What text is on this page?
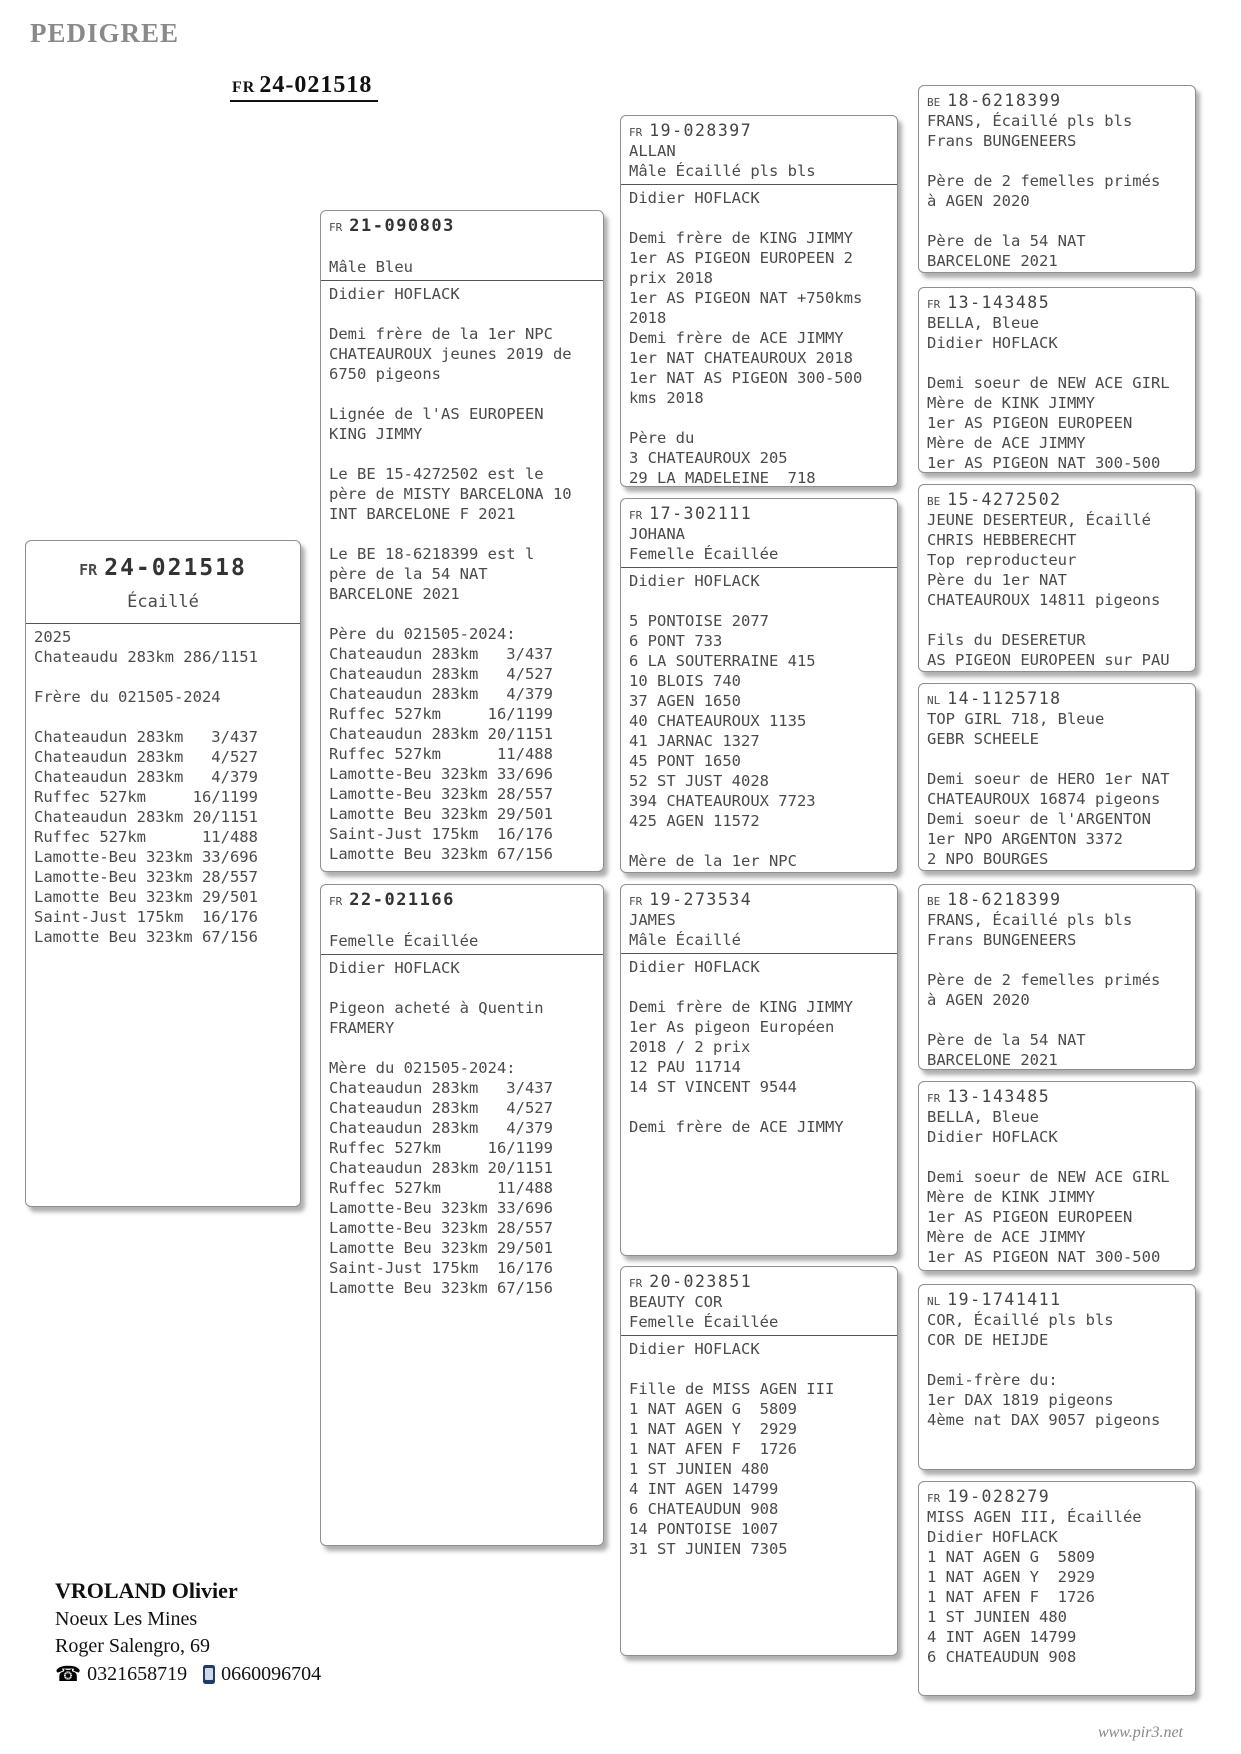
PEDIGREE
FR 24-021518
FR 24-021518
Écaillé
2025
Chateaudu 283km 286/1151
Frère du 021505-2024
Chateaudun 283km   3/437
Chateaudun 283km   4/527
Chateaudun 283km   4/379
Ruffec 527km     16/1199
Chateaudun 283km 20/1151
Ruffec 527km      11/488
Lamotte-Beu 323km 33/696
Lamotte-Beu 323km 28/557
Lamotte Beu 323km 29/501
Saint-Just 175km  16/176
Lamotte Beu 323km 67/156
FR 21-090803
Mâle Bleu
Didier HOFLACK
Demi frère de la 1er NPC
CHATEAUROUX jeunes 2019 de
6750 pigeons
Lignée de l'AS EUROPEEN
KING JIMMY
Le BE 15-4272502 est le
père de MISTY BARCELONA 10
INT BARCELONE F 2021
Le BE 18-6218399 est l
père de la 54 NAT
BARCELONE 2021
Père du 021505-2024:
Chateaudun 283km   3/437
Chateaudun 283km   4/527
Chateaudun 283km   4/379
Ruffec 527km     16/1199
Chateaudun 283km 20/1151
Ruffec 527km      11/488
Lamotte-Beu 323km 33/696
Lamotte-Beu 323km 28/557
Lamotte Beu 323km 29/501
Saint-Just 175km  16/176
Lamotte Beu 323km 67/156
FR 22-021166
Femelle Écaillée
Didier HOFLACK
Pigeon acheté à Quentin
FRAMERY
Mère du 021505-2024:
Chateaudun 283km   3/437
Chateaudun 283km   4/527
Chateaudun 283km   4/379
Ruffec 527km     16/1199
Chateaudun 283km 20/1151
Ruffec 527km      11/488
Lamotte-Beu 323km 33/696
Lamotte-Beu 323km 28/557
Lamotte Beu 323km 29/501
Saint-Just 175km  16/176
Lamotte Beu 323km 67/156
FR 19-028397
ALLAN
Mâle Écaillé pls bls
Didier HOFLACK
Demi frère de KING JIMMY
1er AS PIGEON EUROPEEN 2
prix 2018
1er AS PIGEON NAT +750kms
2018
Demi frère de ACE JIMMY
1er NAT CHATEAUROUX 2018
1er NAT AS PIGEON 300-500
kms 2018
Père du
3 CHATEAUROUX 205
29 LA MADELEINE  718
FR 17-302111
JOHANA
Femelle Écaillée
Didier HOFLACK
5 PONTOISE 2077
6 PONT 733
6 LA SOUTERRAINE 415
10 BLOIS 740
37 AGEN 1650
40 CHATEAUROUX 1135
41 JARNAC 1327
45 PONT 1650
52 ST JUST 4028
394 CHATEAUROUX 7723
425 AGEN 11572
Mère de la 1er NPC
FR 19-273534
JAMES
Mâle Écaillé
Didier HOFLACK
Demi frère de KING JIMMY
1er As pigeon Européen
2018 / 2 prix
12 PAU 11714
14 ST VINCENT 9544
Demi frère de ACE JIMMY
FR 20-023851
BEAUTY COR
Femelle Écaillée
Didier HOFLACK
Fille de MISS AGEN III
1 NAT AGEN G  5809
1 NAT AGEN Y  2929
1 NAT AFEN F  1726
1 ST JUNIEN 480
4 INT AGEN 14799
6 CHATEAUDUN 908
14 PONTOISE 1007
31 ST JUNIEN 7305
BE 18-6218399
FRANS, Écaillé pls bls
Frans BUNGENEERS
Père de 2 femelles primés
à AGEN 2020
Père de la 54 NAT
BARCELONE 2021
FR 13-143485
BELLA, Bleue
Didier HOFLACK
Demi soeur de NEW ACE GIRL
Mère de KINK JIMMY
1er AS PIGEON EUROPEEN
Mère de ACE JIMMY
1er AS PIGEON NAT 300-500
BE 15-4272502
JEUNE DESERTEUR, Écaillé
CHRIS HEBBERECHT
Top reproducteur
Père du 1er NAT
CHATEAUROUX 14811 pigeons
Fils du DESERETUR
AS PIGEON EUROPEEN sur PAU
NL 14-1125718
TOP GIRL 718, Bleue
GEBR SCHEELE
Demi soeur de HERO 1er NAT
CHATEAUROUX 16874 pigeons
Demi soeur de l'ARGENTON
1er NPO ARGENTON 3372
2 NPO BOURGES
BE 18-6218399
FRANS, Écaillé pls bls
Frans BUNGENEERS
Père de 2 femelles primés
à AGEN 2020
Père de la 54 NAT
BARCELONE 2021
FR 13-143485
BELLA, Bleue
Didier HOFLACK
Demi soeur de NEW ACE GIRL
Mère de KINK JIMMY
1er AS PIGEON EUROPEEN
Mère de ACE JIMMY
1er AS PIGEON NAT 300-500
NL 19-1741411
COR, Écaillé pls bls
COR DE HEIJDE
Demi-frère du:
1er DAX 1819 pigeons
4ème nat DAX 9057 pigeons
FR 19-028279
MISS AGEN III, Écaillée
Didier HOFLACK
1 NAT AGEN G  5809
1 NAT AGEN Y  2929
1 NAT AFEN F  1726
1 ST JUNIEN 480
4 INT AGEN 14799
6 CHATEAUDUN 908
VROLAND Olivier
Noeux Les Mines
Roger Salengro, 69
☎ 0321658719 0660096704
www.pir3.net
